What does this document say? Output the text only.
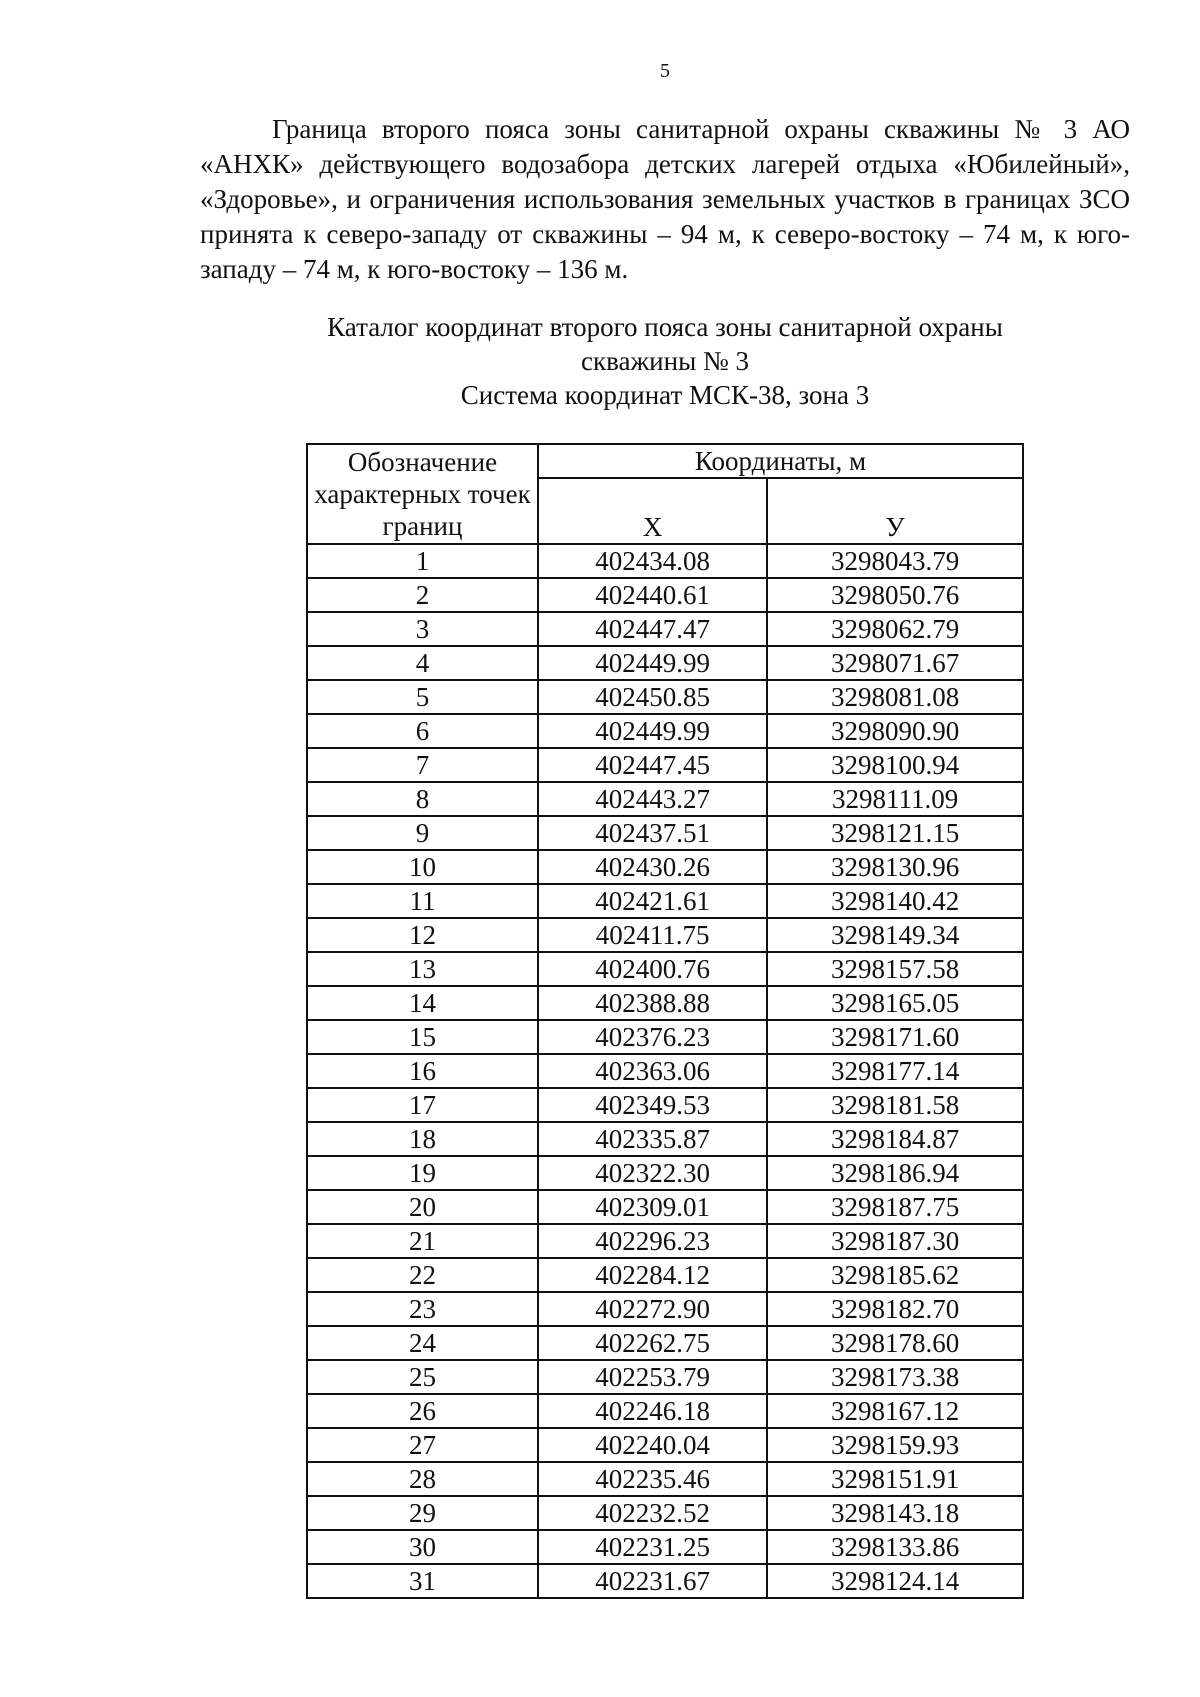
5

Граница второго пояса зоны санитарной охраны скважины № 3 АО «АНХК» действующего водозабора детских лагерей отдыха «Юбилейный», «Здоровье», и ограничения использования земельных участков в границах ЗСО принята к северо-западу от скважины – 94 м, к северо-востоку – 74 м, к юго-западу – 74 м, к юго-востоку – 136 м.

Каталог координат второго пояса зоны санитарной охраны
скважины № 3
Система координат МСК-38, зона 3
Обозначение характерных точек границ	Координаты, м	
	Х	У
1	402434.08	3298043.79
2	402440.61	3298050.76
3	402447.47	3298062.79
4	402449.99	3298071.67
5	402450.85	3298081.08
6	402449.99	3298090.90
7	402447.45	3298100.94
8	402443.27	3298111.09
9	402437.51	3298121.15
10	402430.26	3298130.96
11	402421.61	3298140.42
12	402411.75	3298149.34
13	402400.76	3298157.58
14	402388.88	3298165.05
15	402376.23	3298171.60
16	402363.06	3298177.14
17	402349.53	3298181.58
18	402335.87	3298184.87
19	402322.30	3298186.94
20	402309.01	3298187.75
21	402296.23	3298187.30
22	402284.12	3298185.62
23	402272.90	3298182.70
24	402262.75	3298178.60
25	402253.79	3298173.38
26	402246.18	3298167.12
27	402240.04	3298159.93
28	402235.46	3298151.91
29	402232.52	3298143.18
30	402231.25	3298133.86
31	402231.67	3298124.14
